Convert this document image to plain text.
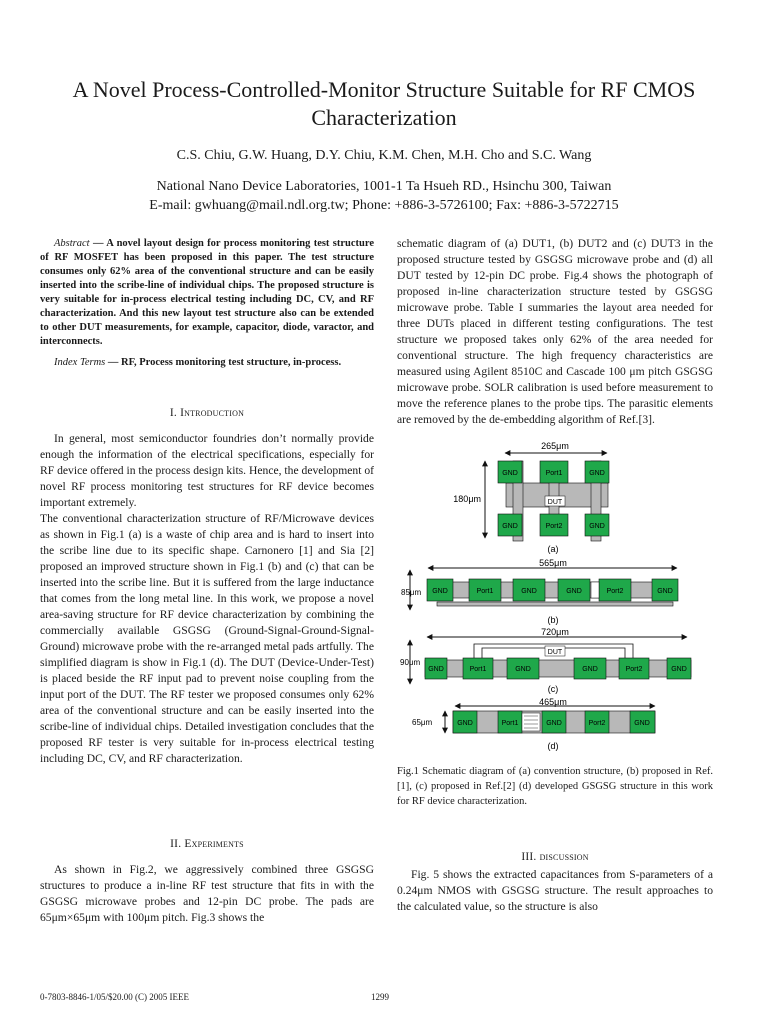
A Novel Process-Controlled-Monitor Structure Suitable for RF CMOS Characterization
C.S. Chiu, G.W. Huang, D.Y. Chiu, K.M. Chen, M.H. Cho and S.C. Wang
National Nano Device Laboratories, 1001-1 Ta Hsueh RD., Hsinchu 300, Taiwan
E-mail: gwhuang@mail.ndl.org.tw; Phone: +886-3-5726100; Fax: +886-3-5722715

Abstract — A novel layout design for process monitoring test structure of RF MOSFET has been proposed in this paper. The test structure consumes only 62% area of the conventional structure and can be easily inserted into the scribe-line of individual chips. The proposed structure is very suitable for in-process electrical testing including DC, CV, and RF characterization. And this new layout test structure also can be extended to other DUT measurements, for example, capacitor, diode, varactor, and interconnects.

Index Terms — RF, Process monitoring test structure, in-process.

I. Introduction

In general, most semiconductor foundries don’t normally provide enough the information of the electrical specifications, especially for RF device offered in the process design kits. Hence, the development of novel RF process monitoring test structures for RF device becomes important extremely.

The conventional characterization structure of RF/Microwave devices as shown in Fig.1 (a) is a waste of chip area and is hard to insert into the scribe line due to its specific shape. Carnonero [1] and Sia [2] proposed an improved structure shown in Fig.1 (b) and (c) that can be inserted into the scribe line. But it is suffered from the large inductance that comes from the long metal line. In this work, we propose a novel area-saving structure for RF device characterization by combining the commercially available GSGSG (Ground-Signal-Ground-Signal-Ground) microwave probe with the re-arranged metal pads artfully. The simplified diagram is show in Fig.1 (d). The DUT (Device-Under-Test) is placed beside the RF input pad to prevent noise coupling from the input port of the DUT. The RF tester we proposed consumes only 62% area of the conventional structure and can be easily inserted into the scribe-line of individual chips. Detailed investigation concludes that the proposed RF tester is very suitable for in-process electrical testing including DC, CV, and RF characterization.

II. Experiments

As shown in Fig.2, we aggressively combined three GSGSG structures to produce a in-line RF test structure that fits in with the GSGSG microwave probes and 12-pin DC probe. The pads are 65μm×65μm with 100μm pitch. Fig.3 shows the

schematic diagram of (a) DUT1, (b) DUT2 and (c) DUT3 in the proposed structure tested by GSGSG microwave probe and (d) all DUT tested by 12-pin DC probe. Fig.4 shows the photograph of proposed in-line characterization structure tested by GSGSG microwave probe. Table I summaries the layout area needed for three DUTs placed in different testing configurations. The test structure we proposed takes only 62% of the area needed for conventional structure. The high frequency characteristics are measured using Agilent 8510C and Cascade 100 μm pitch GSGSG microwave probe. SOLR calibration is used before measurement to move the reference planes to the probe tips. The parasitic elements are removed by the de-embedding algorithm of Ref.[3].

265μm
180μm
GND	Port1	GND
GND	Port2	GND
DUT
(a)
565μm
85μm GND	Port1	GND	GND	Port2	GND
(b)
720μm
90μm
DUT
GND	Port1	GND	GND	Port2	GND
(c)
465μm
65μm	GND	Port1	GND	Port2	GND
(d)
Fig.1 Schematic diagram of (a) convention structure, (b) proposed in Ref.[1], (c) proposed in Ref.[2] (d) developed GSGSG structure in this work for RF device characterization.
III. discussion

Fig. 5 shows the extracted capacitances from S-parameters of a 0.24μm NMOS with GSGSG structure. The result approaches to the calculated value, so the structure is also

0-7803-8846-1/05/$20.00 (C) 2005 IEEE	1299
